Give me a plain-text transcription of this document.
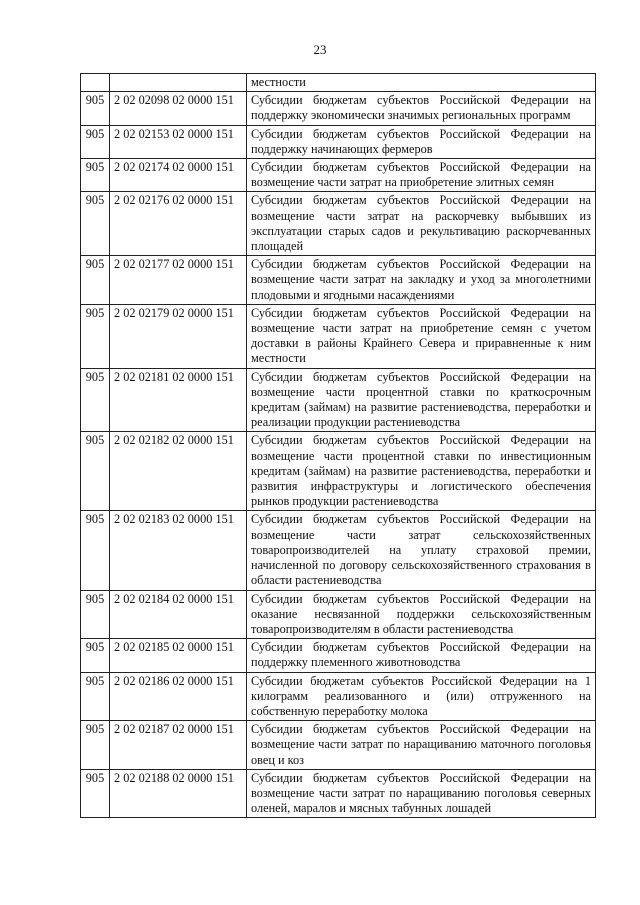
23
		местности
905	2 02 02098 02 0000 151	Субсидии бюджетам субъектов Российской Федерации на поддержку экономически значимых региональных программ
905	2 02 02153 02 0000 151	Субсидии бюджетам субъектов Российской Федерации на поддержку начинающих фермеров
905	2 02 02174 02 0000 151	Субсидии бюджетам субъектов Российской Федерации на возмещение части затрат на приобретение элитных семян
905	2 02 02176 02 0000 151	Субсидии бюджетам субъектов Российской Федерации на возмещение части затрат на раскорчевку выбывших из эксплуатации старых садов и рекультивацию раскорчеванных площадей
905	2 02 02177 02 0000 151	Субсидии бюджетам субъектов Российской Федерации на возмещение части затрат на закладку и уход за многолетними плодовыми и ягодными насаждениями
905	2 02 02179 02 0000 151	Субсидии бюджетам субъектов Российской Федерации на возмещение части затрат на приобретение семян с учетом доставки в районы Крайнего Севера и приравненные к ним местности
905	2 02 02181 02 0000 151	Субсидии бюджетам субъектов Российской Федерации на возмещение части процентной ставки по краткосрочным кредитам (займам) на развитие растениеводства, переработки и реализации продукции растениеводства
905	2 02 02182 02 0000 151	Субсидии бюджетам субъектов Российской Федерации на возмещение части процентной ставки по инвестиционным кредитам (займам) на развитие растениеводства, переработки и развития инфраструктуры и логистического обеспечения рынков продукции растениеводства
905	2 02 02183 02 0000 151	Субсидии бюджетам субъектов Российской Федерации на возмещение части затрат сельскохозяйственных товаропроизводителей на уплату страховой премии, начисленной по договору сельскохозяйственного страхования в области растениеводства
905	2 02 02184 02 0000 151	Субсидии бюджетам субъектов Российской Федерации на оказание несвязанной поддержки сельскохозяйственным товаропроизводителям в области растениеводства
905	2 02 02185 02 0000 151	Субсидии бюджетам субъектов Российской Федерации на поддержку племенного животноводства
905	2 02 02186 02 0000 151	Субсидии бюджетам субъектов Российской Федерации на 1 килограмм реализованного и (или) отгруженного на собственную переработку молока
905	2 02 02187 02 0000 151	Субсидии бюджетам субъектов Российской Федерации на возмещение части затрат по наращиванию маточного поголовья овец и коз
905	2 02 02188 02 0000 151	Субсидии бюджетам субъектов Российской Федерации на возмещение части затрат по наращиванию поголовья северных оленей, маралов и мясных табунных лошадей
